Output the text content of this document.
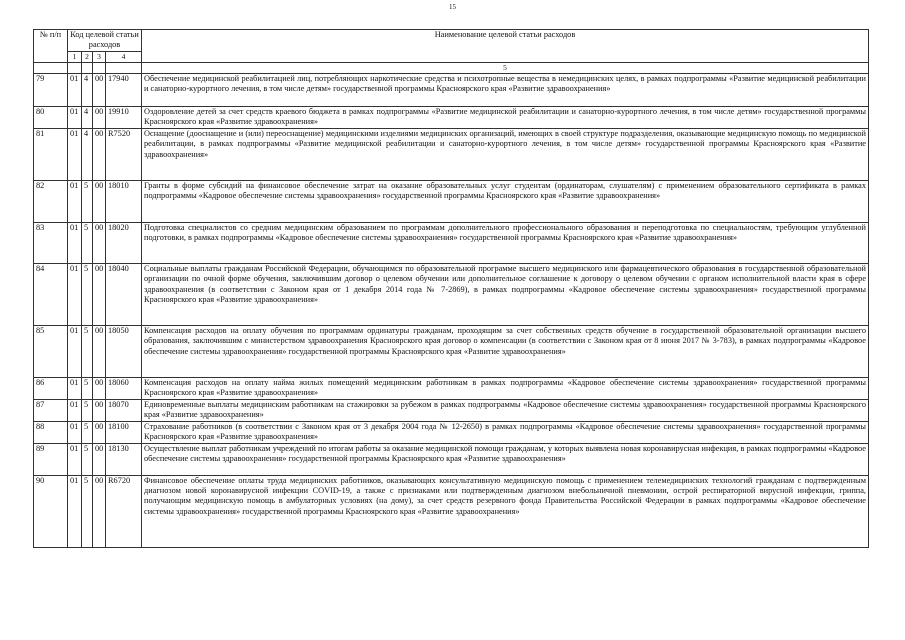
15
№ п/п	Код целевой статьи расходов				Наименование целевой статьи расходов
	1	2	3	4	
					5
79	01	4	00	17940	Обеспечение медицинской реабилитацией лиц, потребляющих наркотические средства и психотропные вещества в немедицинских целях, в рамках подпрограммы «Развитие медицинской реабилитации и санаторно-курортного лечения, в том числе детям» государственной программы Красноярского края «Развитие здравоохранения»
80	01	4	00	19910	Оздоровление детей за счет средств краевого бюджета в рамках подпрограммы «Развитие медицинской реабилитации и санаторно-курортного лечения, в том числе детям» государственной программы Красноярского края «Развитие здравоохранения»
81	01	4	00	R7520	Оснащение (дооснащение и (или) переоснащение) медицинскими изделиями медицинских организаций, имеющих в своей структуре подразделения, оказывающие медицинскую помощь по медицинской реабилитации, в рамках подпрограммы «Развитие медицинской реабилитации и санаторно-курортного лечения, в том числе детям» государственной программы Красноярского края «Развитие здравоохранения»
82	01	5	00	18010	Гранты в форме субсидий на финансовое обеспечение затрат на оказание образовательных услуг студентам (ординаторам, слушателям) с применением образовательного сертификата в рамках подпрограммы «Кадровое обеспечение системы здравоохранения» государственной программы Красноярского края «Развитие здравоохранения»
83	01	5	00	18020	Подготовка специалистов со средним медицинским образованием по программам дополнительного профессионального образования и переподготовка по специальностям, требующим углубленной подготовки, в рамках подпрограммы «Кадровое обеспечение системы здравоохранения» государственной программы Красноярского края «Развитие здравоохранения»
84	01	5	00	18040	Социальные выплаты гражданам Российской Федерации, обучающимся по образовательной программе высшего медицинского или фармацевтического образования в государственной образовательной организации по очной форме обучения, заключившим договор о целевом обучении или дополнительное соглашение к договору о целевом обучении с органом исполнительной власти края в сфере здравоохранения (в соответствии с Законом края от 1 декабря 2014 года № 7-2869), в рамках подпрограммы «Кадровое обеспечение системы здравоохранения» государственной программы Красноярского края «Развитие здравоохранения»
85	01	5	00	18050	Компенсация расходов на оплату обучения по программам ординатуры гражданам, проходящим за счет собственных средств обучение в государственной образовательной организации высшего образования, заключившим с министерством здравоохранения Красноярского края договор о компенсации (в соответствии с Законом края от 8 июня 2017 № 3-783), в рамках подпрограммы «Кадровое обеспечение системы здравоохранения» государственной программы Красноярского края «Развитие здравоохранения»
86	01	5	00	18060	Компенсация расходов на оплату найма жилых помещений медицинским работникам в рамках подпрограммы «Кадровое обеспечение системы здравоохранения» государственной программы Красноярского края «Развитие здравоохранения»
87	01	5	00	18070	Единовременные выплаты медицинским работникам на стажировки за рубежом в рамках подпрограммы «Кадровое обеспечение системы здравоохранения» государственной программы Красноярского края «Развитие здравоохранения»
88	01	5	00	18100	Страхование работников (в соответствии с Законом края от 3 декабря 2004 года № 12-2650) в рамках подпрограммы «Кадровое обеспечение системы здравоохранения» государственной программы Красноярского края «Развитие здравоохранения»
89	01	5	00	18130	Осуществление выплат работникам учреждений по итогам работы за оказание медицинской помощи гражданам, у которых выявлена новая коронавирусная инфекция, в рамках подпрограммы «Кадровое обеспечение системы здравоохранения» государственной программы Красноярского края «Развитие здравоохранения»
90	01	5	00	R6720	Финансовое обеспечение оплаты труда медицинских работников, оказывающих консультативную медицинскую помощь с применением телемедицинских технологий гражданам с подтвержденным диагнозом новой коронавирусной инфекции COVID-19, а также с признаками или подтвержденным диагнозом внебольничной пневмонии, острой респираторной вирусной инфекции, гриппа, получающим медицинскую помощь в амбулаторных условиях (на дому), за счет средств резервного фонда Правительства Российской Федерации в рамках подпрограммы «Кадровое обеспечение системы здравоохранения» государственной программы Красноярского края «Развитие здравоохранения»
